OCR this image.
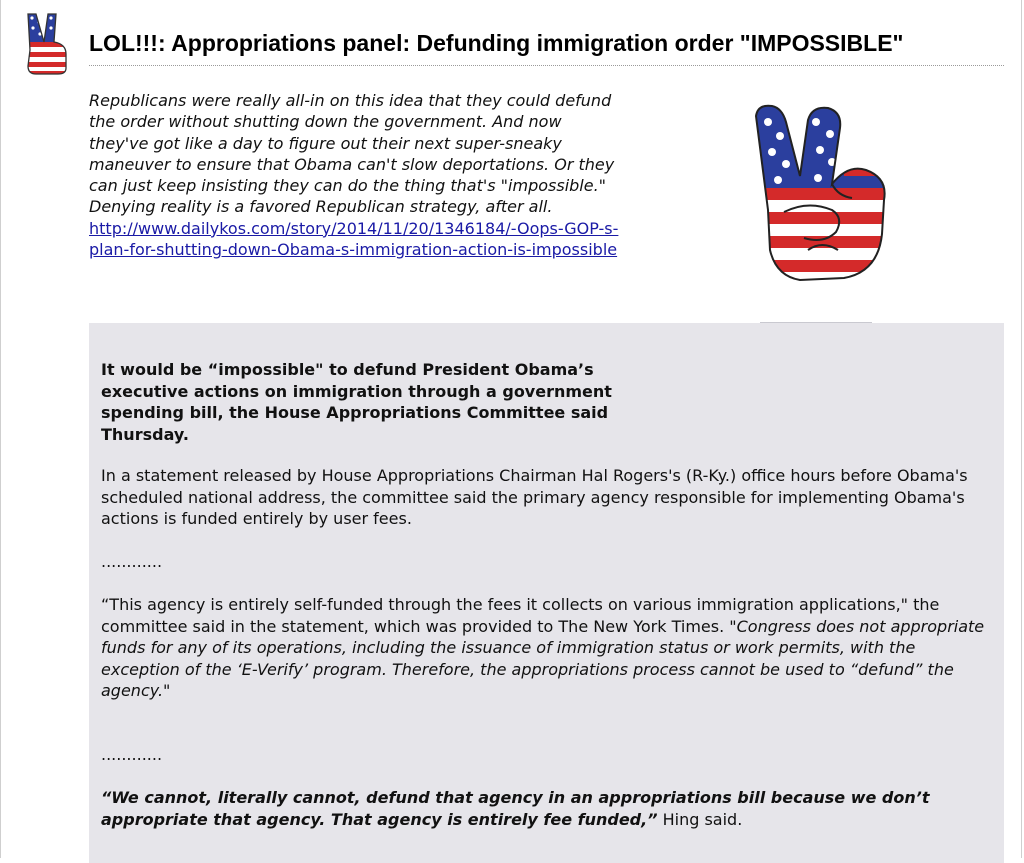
LOL!!!: Appropriations panel: Defunding immigration order "IMPOSSIBLE"
Republicans were really all-in on this idea that they could defund the order without shutting down the government. And now they've got like a day to figure out their next super-sneaky maneuver to ensure that Obama can't slow deportations. Or they can just keep insisting they can do the thing that's "impossible." Denying reality is a favored Republican strategy, after all.
http://www.dailykos.com/story/2014/11/20/1346184/-Oops-GOP-s-plan-for-shutting-down-Obama-s-immigration-action-is-impossible
It would be “impossible" to defund President Obama’s executive actions on immigration through a government spending bill, the House Appropriations Committee said Thursday.
In a statement released by House Appropriations Chairman Hal Rogers's (R-Ky.) office hours before Obama's scheduled national address, the committee said the primary agency responsible for implementing Obama's actions is funded entirely by user fees.
............
“This agency is entirely self-funded through the fees it collects on various immigration applications," the committee said in the statement, which was provided to The New York Times. "Congress does not appropriate funds for any of its operations, including the issuance of immigration status or work permits, with the exception of the ‘E-Verify’ program. Therefore, the appropriations process cannot be used to “defund” the agency."
............
“We cannot, literally cannot, defund that agency in an appropriations bill because we don’t appropriate that agency. That agency is entirely fee funded,” Hing said.
